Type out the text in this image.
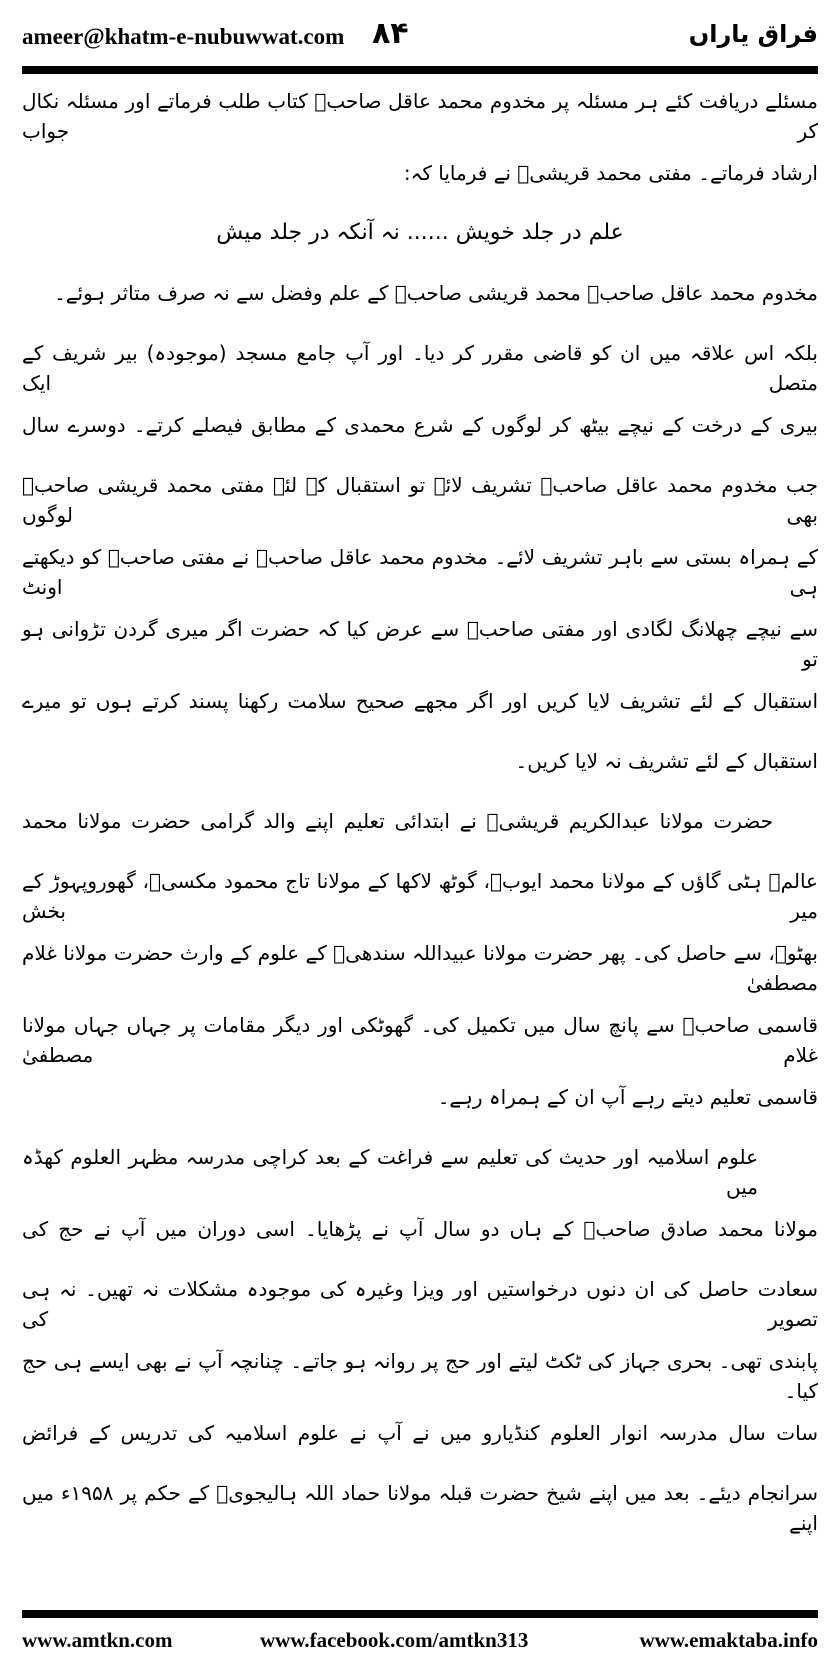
ameer@khatm-e-nubuwwat.com ۸۴	فراق یاراں
مسئلے دریافت کئے ہر مسئلہ پر مخدوم محمد عاقل صاحبؒ کتاب طلب فرماتے اور مسئلہ نکال کر جواب
ارشاد فرماتے۔ مفتی محمد قریشیؒ نے فرمایا کہ:
علم در جلد خویش ...... نہ آنکہ در جلد میش
مخدوم محمد عاقل صاحبؒ محمد قریشی صاحبؒ کے علم وفضل سے نہ صرف متاثر ہوئے۔
بلکہ اس علاقہ میں ان کو قاضی مقرر کر دیا۔ اور آپ جامع مسجد (موجودہ) بیر شریف کے متصل ایک
بیری کے درخت کے نیچے بیٹھ کر لوگوں کے شرع محمدی کے مطابق فیصلے کرتے۔ دوسرے سال
جب مخدوم محمد عاقل صاحبؒ تشریف لائے تو استقبال کے لئے مفتی محمد قریشی صاحبؒ بھی لوگوں
کے ہمراہ بستی سے باہر تشریف لائے۔ مخدوم محمد عاقل صاحبؒ نے مفتی صاحبؒ کو دیکھتے ہی اونٹ
سے نیچے چھلانگ لگادی اور مفتی صاحبؒ سے عرض کیا کہ حضرت اگر میری گردن تڑوانی ہو تو
استقبال کے لئے تشریف لایا کریں اور اگر مجھے صحیح سلامت رکھنا پسند کرتے ہوں تو میرے
استقبال کے لئے تشریف نہ لایا کریں۔
حضرت مولانا عبدالکریم قریشیؒ نے ابتدائی تعلیم اپنے والد گرامی حضرت مولانا محمد
عالمؒ ہٹی گاؤں کے مولانا محمد ایوبؒ، گوٹھ لاکھا کے مولانا تاج محمود مکسیؒ، گھوروپہوڑ کے میر بخش
بھٹوؒ، سے حاصل کی۔ پھر حضرت مولانا عبیداللہ سندھیؒ کے علوم کے وارث حضرت مولانا غلام مصطفیٰ
قاسمی صاحبؒ سے پانچ سال میں تکمیل کی۔ گھوٹکی اور دیگر مقامات پر جہاں جہاں مولانا غلام مصطفیٰ
قاسمی تعلیم دیتے رہے آپ ان کے ہمراہ رہے۔
علوم اسلامیہ اور حدیث کی تعلیم سے فراغت کے بعد کراچی مدرسہ مظہر العلوم کھڈہ میں
مولانا محمد صادق صاحبؒ کے ہاں دو سال آپ نے پڑھایا۔ اسی دوران میں آپ نے حج کی
سعادت حاصل کی ان دنوں درخواستیں اور ویزا وغیرہ کی موجودہ مشکلات نہ تھیں۔ نہ ہی تصویر کی
پابندی تھی۔ بحری جہاز کی ٹکٹ لیتے اور حج پر روانہ ہو جاتے۔ چنانچہ آپ نے بھی ایسے ہی حج کیا۔
سات سال مدرسہ انوار العلوم کنڈیارو میں نے آپ نے علوم اسلامیہ کی تدریس کے فرائض
سرانجام دیئے۔ بعد میں اپنے شیخ حضرت قبلہ مولانا حماد اللہ ہالیجویؒ کے حکم پر ۱۹۵۸ء میں اپنے
www.amtkn.com	www.facebook.com/amtkn313	www.emaktaba.info
